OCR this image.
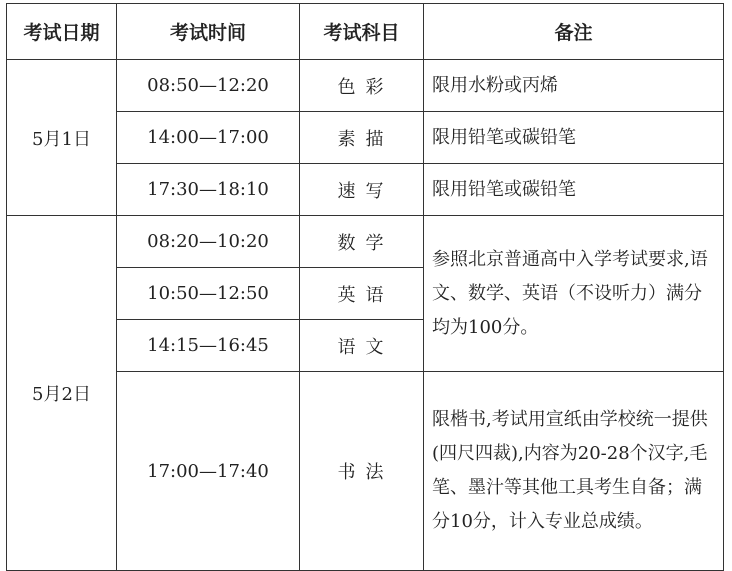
考试日期	考试时间	考试科目	备注
5月1日	08:50—12:20	色彩	限用水粉或丙烯
	14:00—17:00	素描	限用铅笔或碳铅笔
	17:30—18:10	速写	限用铅笔或碳铅笔
5月2日	08:20—10:20	数学	参照北京普通高中入学考试要求,语文、数学、英语（不设听力）满分均为100分。
	10:50—12:50	英语	
	14:15—16:45	语文	
	17:00—17:40	书法	限楷书,考试用宣纸由学校统一提供(四尺四裁),内容为20-28个汉字,毛笔、墨汁等其他工具考生自备；满分10分，计入专业总成绩。
